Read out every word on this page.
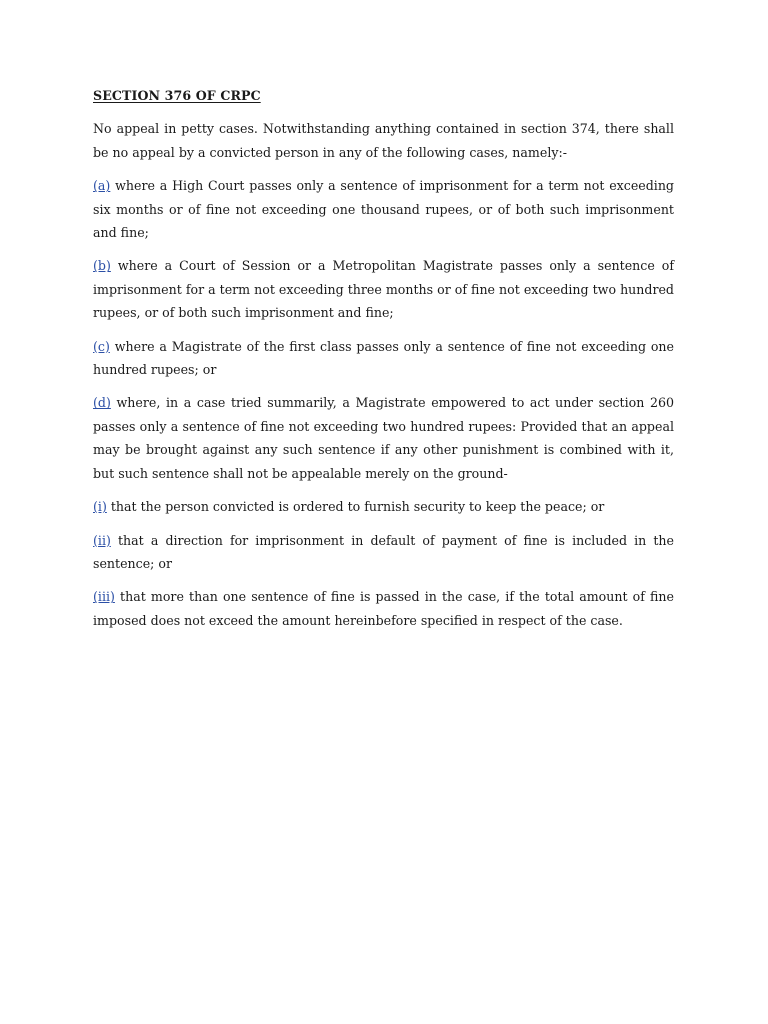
SECTION 376 OF CRPC

No appeal in petty cases. Notwithstanding anything contained in section 374, there shall be no appeal by a convicted person in any of the following cases, namely:-

(a) where a High Court passes only a sentence of imprisonment for a term not exceeding six months or of fine not exceeding one thousand rupees, or of both such imprisonment and fine;

(b) where a Court of Session or a Metropolitan Magistrate passes only a sentence of imprisonment for a term not exceeding three months or of fine not exceeding two hundred rupees, or of both such imprisonment and fine;

(c) where a Magistrate of the first class passes only a sentence of fine not exceeding one hundred rupees; or

(d) where, in a case tried summarily, a Magistrate empowered to act under section 260 passes only a sentence of fine not exceeding two hundred rupees: Provided that an appeal may be brought against any such sentence if any other punishment is combined with it, but such sentence shall not be appealable merely on the ground-

(i) that the person convicted is ordered to furnish security to keep the peace; or

(ii) that a direction for imprisonment in default of payment of fine is included in the sentence; or

(iii) that more than one sentence of fine is passed in the case, if the total amount of fine imposed does not exceed the amount hereinbefore specified in respect of the case.
